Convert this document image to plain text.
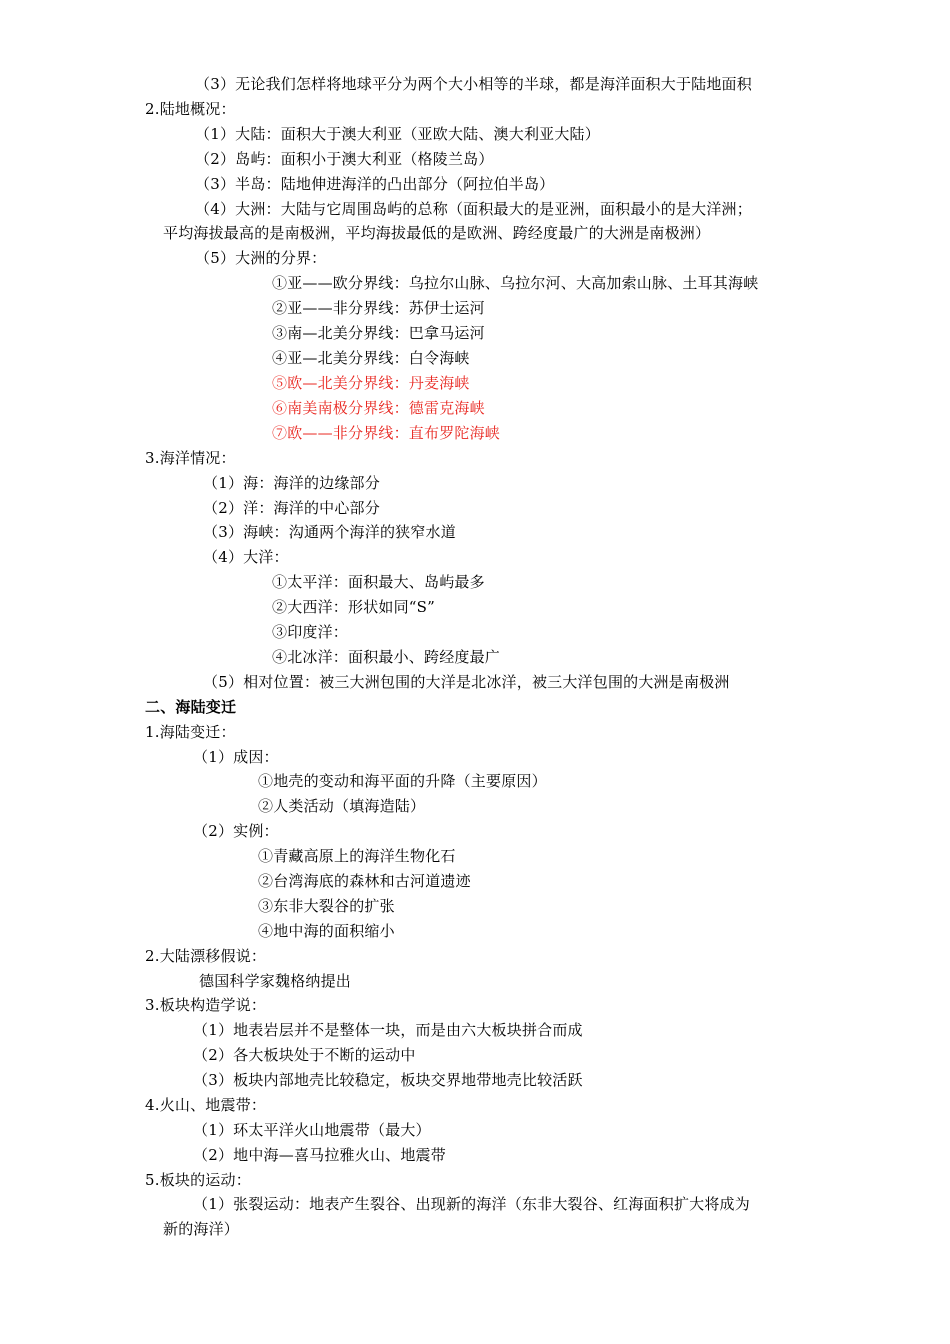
（3）无论我们怎样将地球平分为两个大小相等的半球，都是海洋面积大于陆地面积
2.陆地概况：
（1）大陆：面积大于澳大利亚（亚欧大陆、澳大利亚大陆）
（2）岛屿：面积小于澳大利亚（格陵兰岛）
（3）半岛：陆地伸进海洋的凸出部分（阿拉伯半岛）
（4）大洲：大陆与它周围岛屿的总称（面积最大的是亚洲，面积最小的是大洋洲；
平均海拔最高的是南极洲，平均海拔最低的是欧洲、跨经度最广的大洲是南极洲）
（5）大洲的分界：
①亚——欧分界线：乌拉尔山脉、乌拉尔河、大高加索山脉、土耳其海峡
②亚——非分界线：苏伊士运河
③南—北美分界线：巴拿马运河
④亚—北美分界线：白令海峡
⑤欧—北美分界线：丹麦海峡
⑥南美南极分界线：德雷克海峡
⑦欧——非分界线：直布罗陀海峡
3.海洋情况：
（1）海：海洋的边缘部分
（2）洋：海洋的中心部分
（3）海峡：沟通两个海洋的狭窄水道
（4）大洋：
①太平洋：面积最大、岛屿最多
②大西洋：形状如同“S”
③印度洋：
④北冰洋：面积最小、跨经度最广
（5）相对位置：被三大洲包围的大洋是北冰洋，被三大洋包围的大洲是南极洲
二、海陆变迁
1.海陆变迁：
（1）成因：
①地壳的变动和海平面的升降（主要原因）
②人类活动（填海造陆）
（2）实例：
①青藏高原上的海洋生物化石
②台湾海底的森林和古河道遗迹
③东非大裂谷的扩张
④地中海的面积缩小
2.大陆漂移假说：
德国科学家魏格纳提出
3.板块构造学说：
（1）地表岩层并不是整体一块，而是由六大板块拼合而成
（2）各大板块处于不断的运动中
（3）板块内部地壳比较稳定，板块交界地带地壳比较活跃
4.火山、地震带：
（1）环太平洋火山地震带（最大）
（2）地中海—喜马拉雅火山、地震带
5.板块的运动：
（1）张裂运动：地表产生裂谷、出现新的海洋（东非大裂谷、红海面积扩大将成为
新的海洋）
